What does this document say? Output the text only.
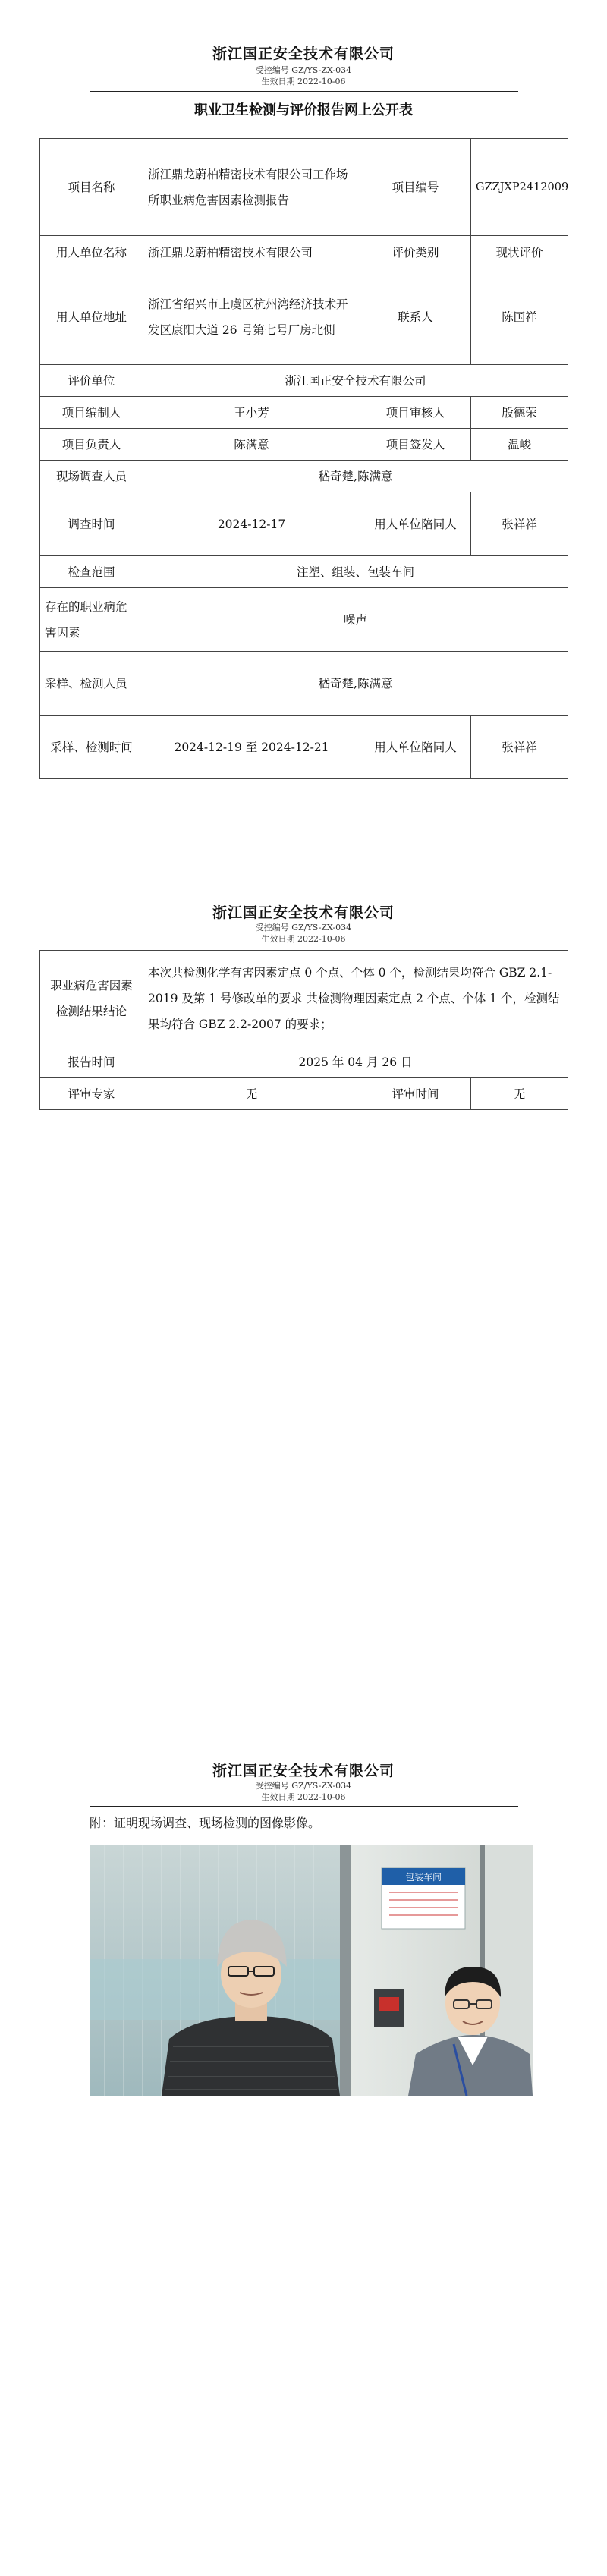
浙江国正安全技术有限公司
受控编号 GZ/YS-ZX-034
生效日期 2022-10-06
职业卫生检测与评价报告网上公开表
项目名称	浙江鼎龙蔚柏精密技术有限公司工作场所职业病危害因素检测报告	项目编号	GZZJXP2412009
用人单位名称	浙江鼎龙蔚柏精密技术有限公司	评价类别	现状评价
用人单位地址	浙江省绍兴市上虞区杭州湾经济技术开发区康阳大道 26 号第七号厂房北侧	联系人	陈国祥
评价单位	浙江国正安全技术有限公司		
项目编制人	王小芳	项目审核人	殷德荣
项目负责人	陈满意	项目签发人	温峻
现场调查人员	嵇奇楚,陈满意		
调查时间	2024-12-17	用人单位陪同人	张祥祥
检查范围	注塑、组装、包装车间		
存在的职业病危害因素	噪声		
采样、检测人员	嵇奇楚,陈满意		
采样、检测时间	2024-12-19 至 2024-12-21	用人单位陪同人	张祥祥
浙江国正安全技术有限公司
受控编号 GZ/YS-ZX-034
生效日期 2022-10-06
职业病危害因素检测结果结论	本次共检测化学有害因素定点 0 个点、个体 0 个，检测结果均符合 GBZ 2.1-2019 及第 1 号修改单的要求 共检测物理因素定点 2 个点、个体 1 个，检测结果均符合 GBZ 2.2-2007 的要求；		
报告时间	2025 年 04 月 26 日		
评审专家	无	评审时间	无
浙江国正安全技术有限公司
受控编号 GZ/YS-ZX-034
生效日期 2022-10-06
附：证明现场调查、现场检测的图像影像。
包装车间
